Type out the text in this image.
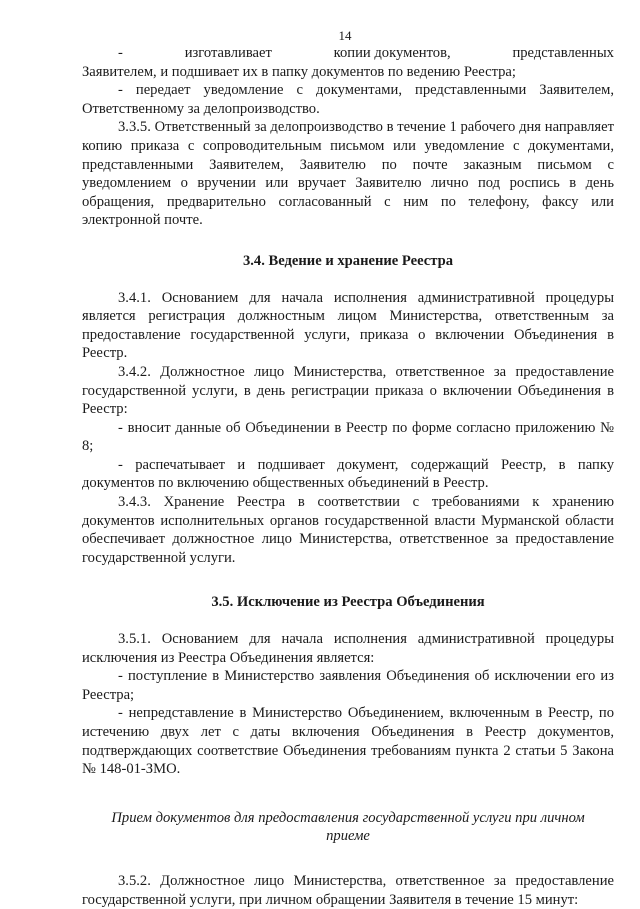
14
-	изготавливает	копии документов,	представленных

Заявителем, и подшивает их в папку документов по ведению Реестра;

- передает уведомление с документами, представленными Заявителем, Ответственному за делопроизводство.

3.3.5. Ответственный за делопроизводство в течение 1 рабочего дня направляет копию приказа с сопроводительным письмом или уведомление с документами, представленными Заявителем, Заявителю по почте заказным письмом с уведомлением о вручении или вручает Заявителю лично под роспись в день обращения, предварительно согласованный с ним по телефону, факсу или электронной почте.

3.4. Ведение и хранение Реестра

3.4.1. Основанием для начала исполнения административной процедуры является регистрация должностным лицом Министерства, ответственным за предоставление государственной услуги, приказа о включении Объединения в Реестр.

3.4.2. Должностное лицо Министерства, ответственное за предоставление государственной услуги, в день регистрации приказа о включении Объединения в Реестр:

- вносит данные об Объединении в Реестр по форме согласно приложению № 8;

- распечатывает и подшивает документ, содержащий Реестр, в папку документов по включению общественных объединений в Реестр.

3.4.3. Хранение Реестра в соответствии с требованиями к хранению документов исполнительных органов государственной власти Мурманской области обеспечивает должностное лицо Министерства, ответственное за предоставление государственной услуги.

3.5. Исключение из Реестра Объединения

3.5.1. Основанием для начала исполнения административной процедуры исключения из Реестра Объединения является:

- поступление в Министерство заявления Объединения об исключении его из Реестра;

- непредставление в Министерство Объединением, включенным в Реестр, по истечению двух лет с даты включения Объединения в Реестр документов, подтверждающих соответствие Объединения требованиям пункта 2 статьи 5 Закона № 148-01-ЗМО.

Прием документов для предоставления государственной услуги при личном приеме

3.5.2. Должностное лицо Министерства, ответственное за предоставление государственной услуги, при личном обращении Заявителя в течение 15 минут:
